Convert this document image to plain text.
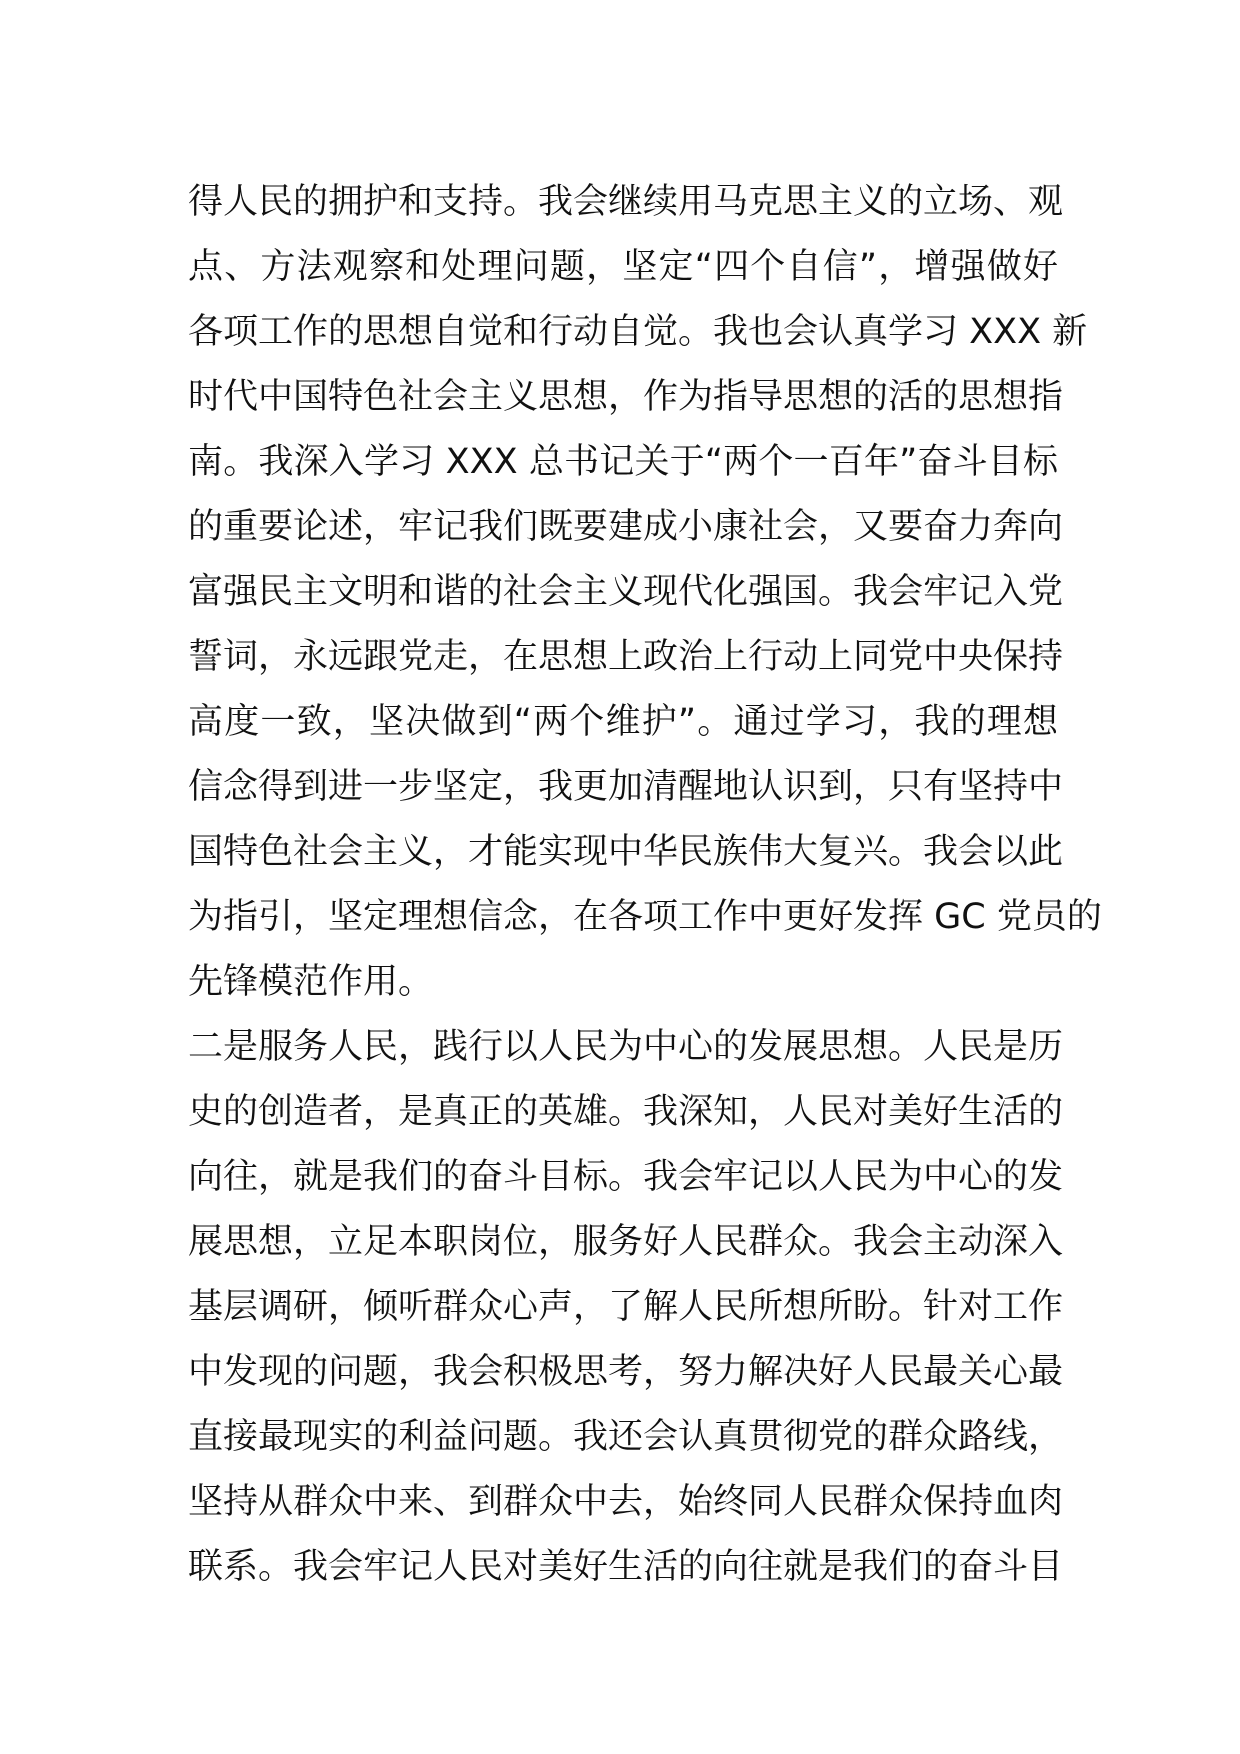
得人民的拥护和支持。我会继续用马克思主义的立场、观
点、方法观察和处理问题，坚定“四个自信”，增强做好
各项工作的思想自觉和行动自觉。我也会认真学习 XXX 新
时代中国特色社会主义思想，作为指导思想的活的思想指
南。我深入学习 XXX 总书记关于“两个一百年”奋斗目标
的重要论述，牢记我们既要建成小康社会，又要奋力奔向
富强民主文明和谐的社会主义现代化强国。我会牢记入党
誓词，永远跟党走，在思想上政治上行动上同党中央保持
高度一致，坚决做到“两个维护”。通过学习，我的理想
信念得到进一步坚定，我更加清醒地认识到，只有坚持中
国特色社会主义，才能实现中华民族伟大复兴。我会以此
为指引，坚定理想信念，在各项工作中更好发挥 GC 党员的
先锋模范作用。
二是服务人民，践行以人民为中心的发展思想。人民是历
史的创造者，是真正的英雄。我深知，人民对美好生活的
向往，就是我们的奋斗目标。我会牢记以人民为中心的发
展思想，立足本职岗位，服务好人民群众。我会主动深入
基层调研，倾听群众心声，了解人民所想所盼。针对工作
中发现的问题，我会积极思考，努力解决好人民最关心最
直接最现实的利益问题。我还会认真贯彻党的群众路线，
坚持从群众中来、到群众中去，始终同人民群众保持血肉
联系。我会牢记人民对美好生活的向往就是我们的奋斗目
